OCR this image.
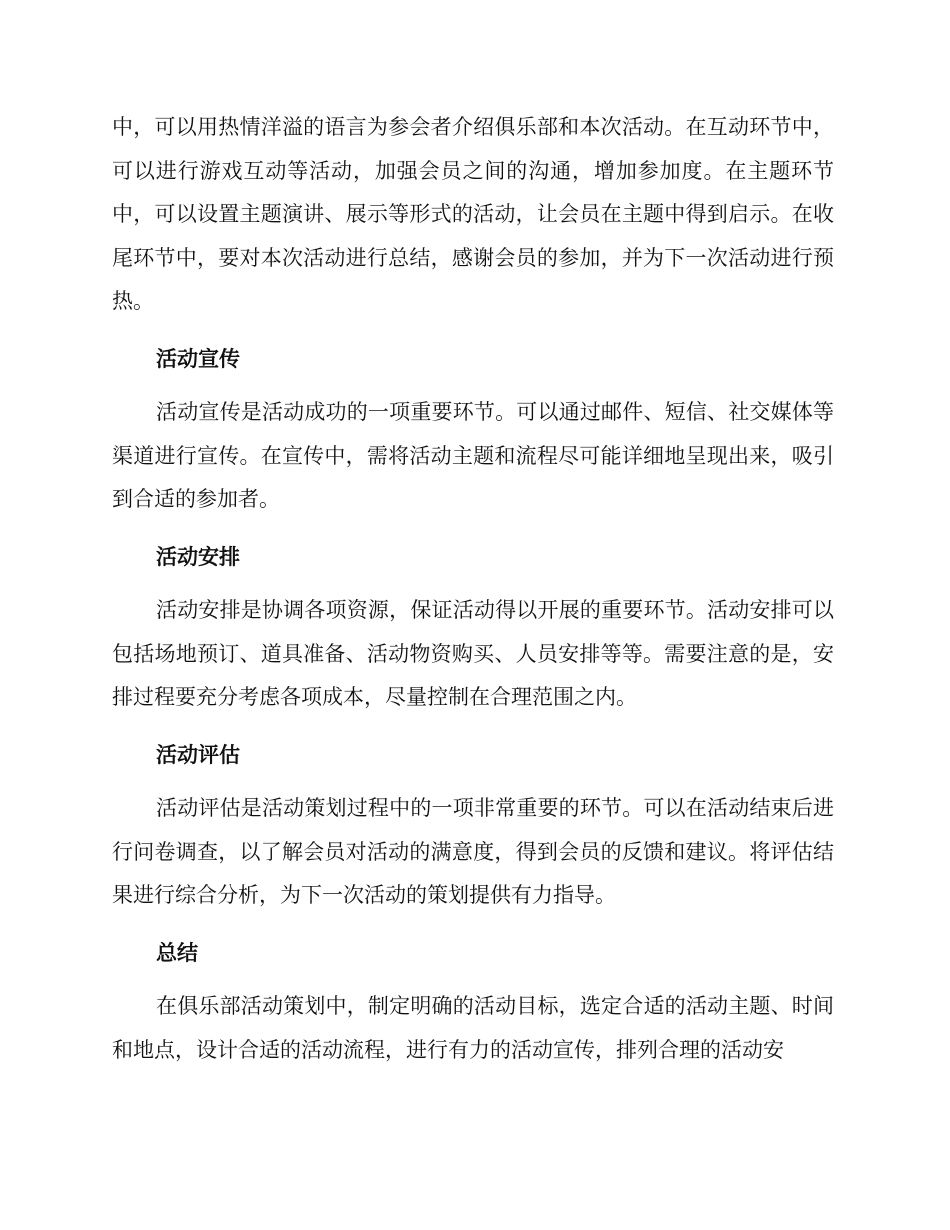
中，可以用热情洋溢的语言为参会者介绍俱乐部和本次活动。在互动环节中，可以进行游戏互动等活动，加强会员之间的沟通，增加参加度。在主题环节中，可以设置主题演讲、展示等形式的活动，让会员在主题中得到启示。在收尾环节中，要对本次活动进行总结，感谢会员的参加，并为下一次活动进行预热。

活动宣传

活动宣传是活动成功的一项重要环节。可以通过邮件、短信、社交媒体等渠道进行宣传。在宣传中，需将活动主题和流程尽可能详细地呈现出来，吸引到合适的参加者。

活动安排

活动安排是协调各项资源，保证活动得以开展的重要环节。活动安排可以包括场地预订、道具准备、活动物资购买、人员安排等等。需要注意的是，安排过程要充分考虑各项成本，尽量控制在合理范围之内。

活动评估

活动评估是活动策划过程中的一项非常重要的环节。可以在活动结束后进行问卷调查，以了解会员对活动的满意度，得到会员的反馈和建议。将评估结果进行综合分析，为下一次活动的策划提供有力指导。

总结

在俱乐部活动策划中，制定明确的活动目标，选定合适的活动主题、时间和地点，设计合适的活动流程，进行有力的活动宣传，排列合理的活动安
